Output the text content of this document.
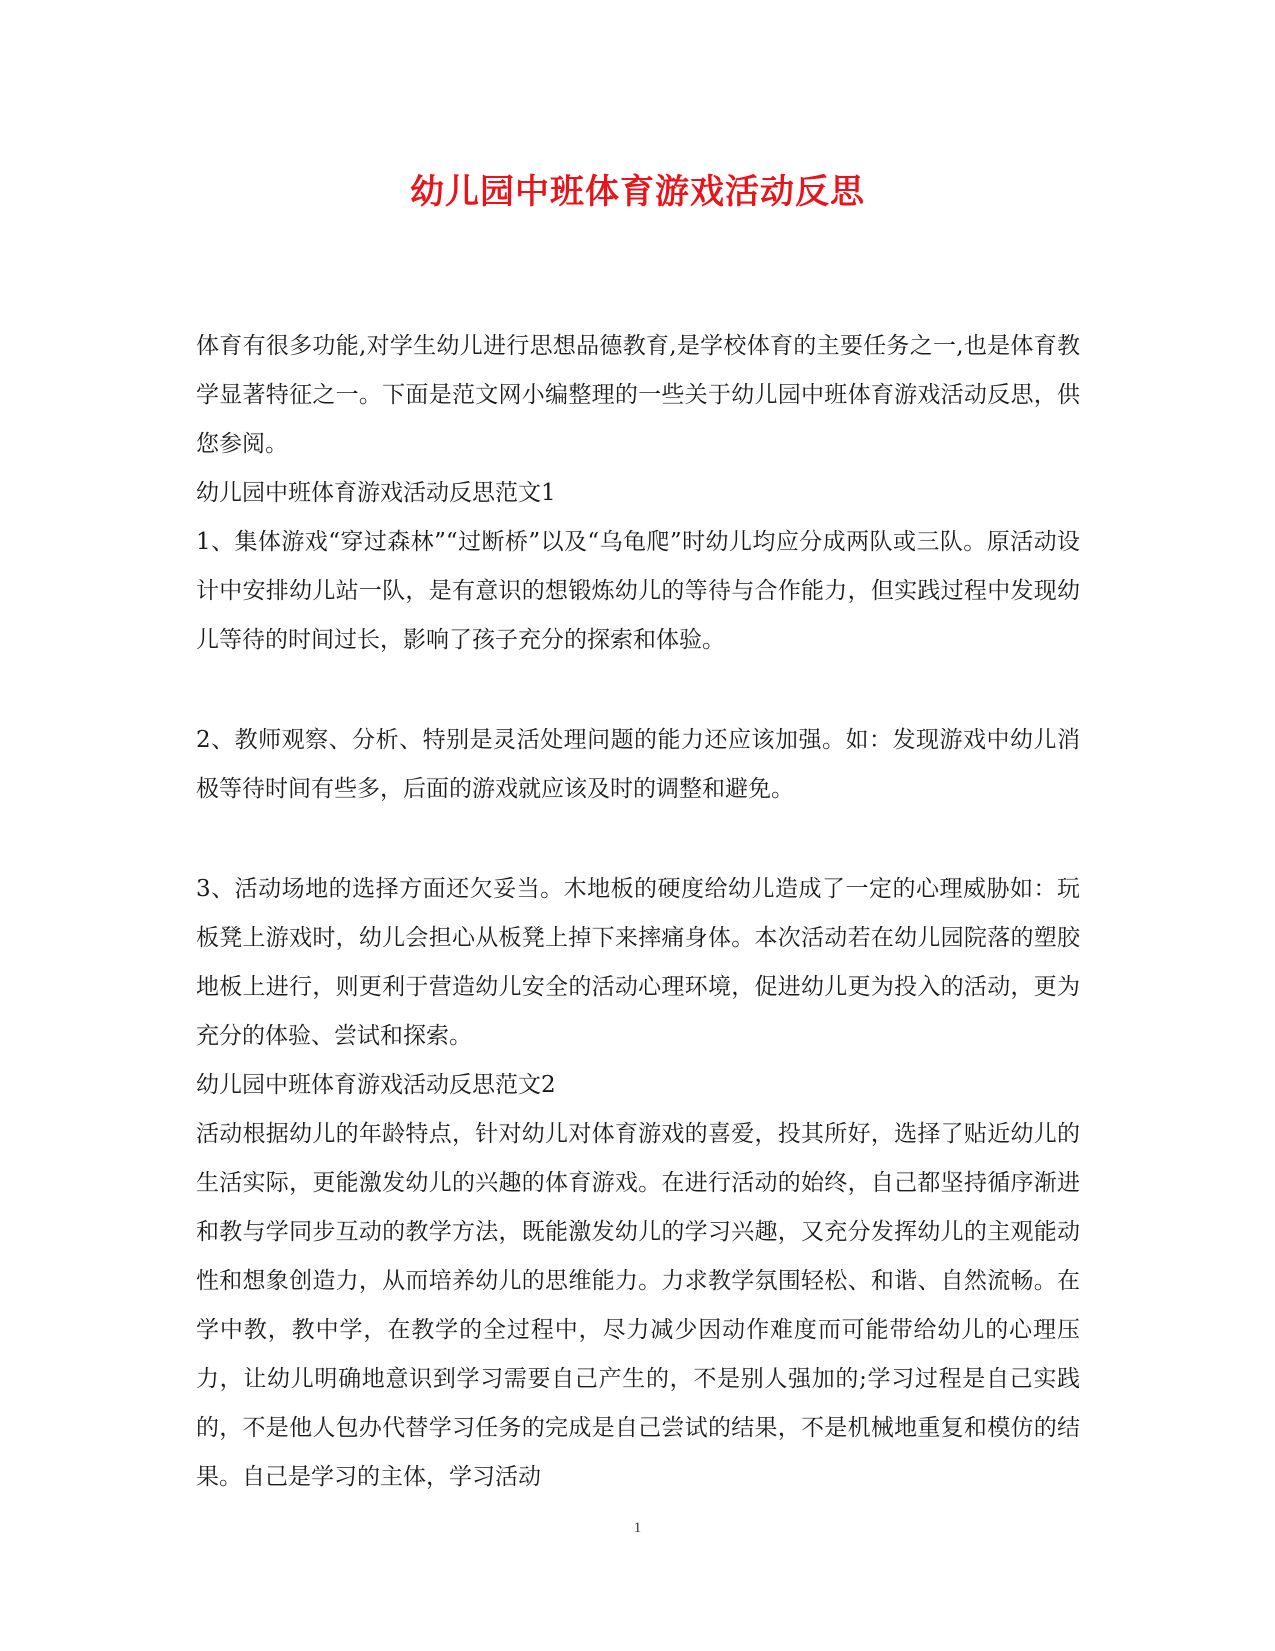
幼儿园中班体育游戏活动反思

体育有很多功能,对学生幼儿进行思想品德教育,是学校体育的主要任务之一,也是体育教学显著特征之一。下面是范文网小编整理的一些关于幼儿园中班体育游戏活动反思，供您参阅。

幼儿园中班体育游戏活动反思范文1

1、集体游戏“穿过森林”“过断桥”以及“乌龟爬”时幼儿均应分成两队或三队。原活动设计中安排幼儿站一队，是有意识的想锻炼幼儿的等待与合作能力，但实践过程中发现幼儿等待的时间过长，影响了孩子充分的探索和体验。

2、教师观察、分析、特别是灵活处理问题的能力还应该加强。如：发现游戏中幼儿消极等待时间有些多，后面的游戏就应该及时的调整和避免。

3、活动场地的选择方面还欠妥当。木地板的硬度给幼儿造成了一定的心理威胁如：玩板凳上游戏时，幼儿会担心从板凳上掉下来摔痛身体。本次活动若在幼儿园院落的塑胶地板上进行，则更利于营造幼儿安全的活动心理环境，促进幼儿更为投入的活动，更为充分的体验、尝试和探索。

幼儿园中班体育游戏活动反思范文2

活动根据幼儿的年龄特点，针对幼儿对体育游戏的喜爱，投其所好，选择了贴近幼儿的生活实际，更能激发幼儿的兴趣的体育游戏。在进行活动的始终，自己都坚持循序渐进和教与学同步互动的教学方法，既能激发幼儿的学习兴趣，又充分发挥幼儿的主观能动性和想象创造力，从而培养幼儿的思维能力。力求教学氛围轻松、和谐、自然流畅。在学中教，教中学，在教学的全过程中，尽力减少因动作难度而可能带给幼儿的心理压力，让幼儿明确地意识到学习需要自己产生的，不是别人强加的;学习过程是自己实践的，不是他人包办代替学习任务的完成是自己尝试的结果，不是机械地重复和模仿的结果。自己是学习的主体，学习活动

1
